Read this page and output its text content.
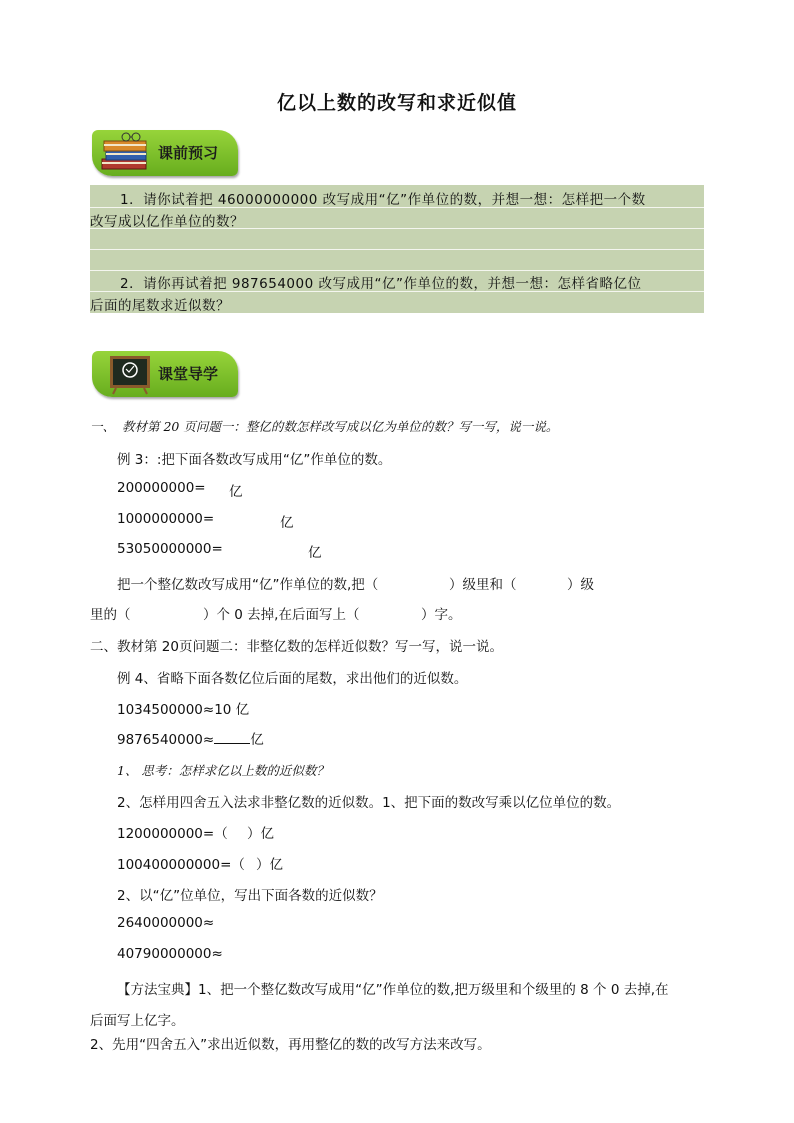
亿以上数的改写和求近似值
课前预习
1．请你试着把 46000000000 改写成用“亿”作单位的数，并想一想：怎样把一个数
改写成以亿作单位的数？
2．请你再试着把 987654000 改写成用“亿”作单位的数，并想一想：怎样省略亿位
后面的尾数求近似数？
课堂导学
一、 教材第 20 页问题一：整亿的数怎样改写成以亿为单位的数？写一写，说一说。
例 3：:把下面各数改写成用“亿”作单位的数。
200000000= 亿
1000000000=	亿
53050000000=	亿
把一个整亿数改写成用“亿”作单位的数,把（	）级里和（	）级
里的（	）个 0 去掉,在后面写上（	）字。
二、教材第 20页问题二：非整亿数的怎样近似数？写一写，说一说。
例 4、省略下面各数亿位后面的尾数，求出他们的近似数。
1034500000≈10 亿
9876540000≈	亿
1、 思考：怎样求亿以上数的近似数？
2、怎样用四舍五入法求非整亿数的近似数。1、把下面的数改写乘以亿位单位的数。
1200000000=（ ）亿
100400000000=（ ）亿
2、以“亿”位单位，写出下面各数的近似数？
2640000000≈
40790000000≈
【方法宝典】1、把一个整亿数改写成用“亿”作单位的数,把万级里和个级里的 8 个 0 去掉,在
后面写上亿字。
2、先用“四舍五入”求出近似数，再用整亿的数的改写方法来改写。
